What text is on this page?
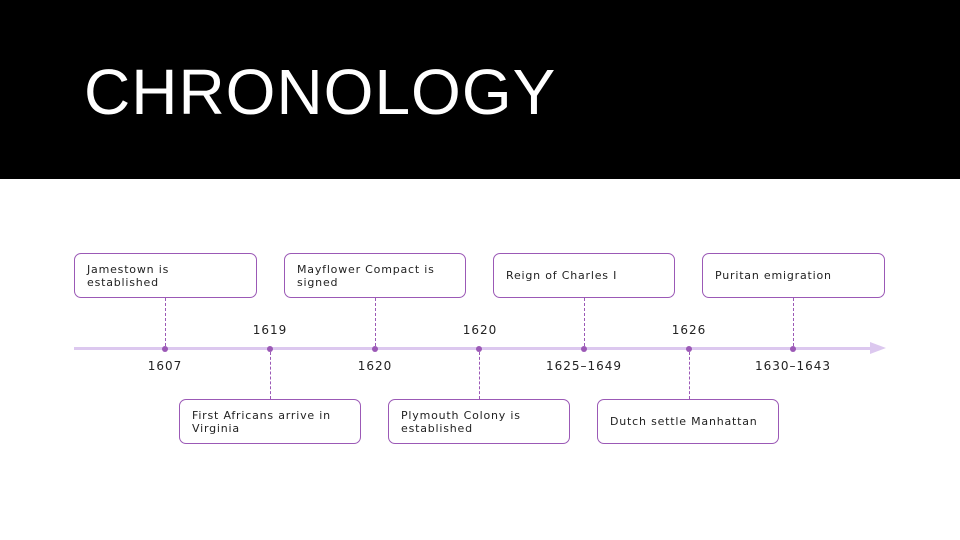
CHRONOLOGY
Jamestown is established
1607
Mayflower Compact is signed
1620
Reign of Charles I
1625–1649
Puritan emigration
1630–1643
1619
First Africans arrive in Virginia
1620
Plymouth Colony is established
1626
Dutch settle Manhattan
